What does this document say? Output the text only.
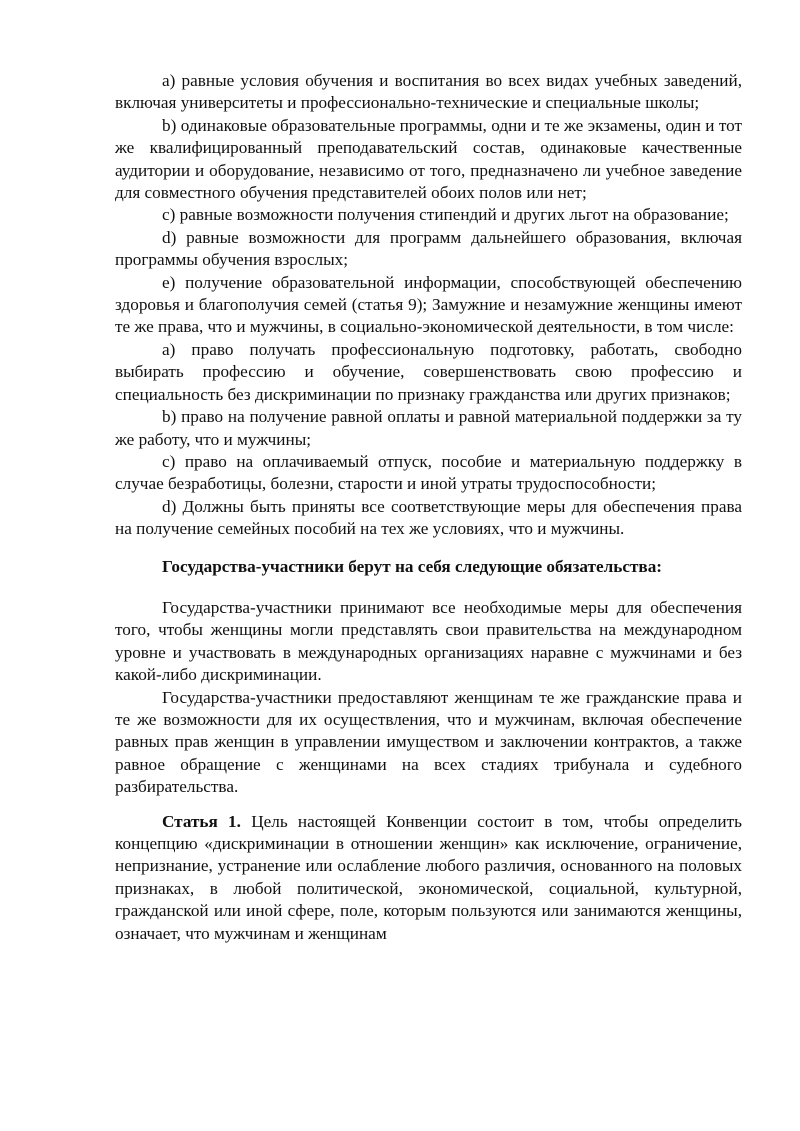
a) равные условия обучения и воспитания во всех видах учебных заведений, включая университеты и профессионально-технические и специальные школы;

b) одинаковые образовательные программы, одни и те же экзамены, один и тот же квалифицированный преподавательский состав, одинаковые качественные аудитории и оборудование, независимо от того, предназначено ли учебное заведение для совместного обучения представителей обоих полов или нет;

c) равные возможности получения стипендий и других льгот на образование;

d) равные возможности для программ дальнейшего образования, включая программы обучения взрослых;

e) получение образовательной информации, способствующей обеспечению здоровья и благополучия семей (статья 9); Замужние и незамужние женщины имеют те же права, что и мужчины, в социально-экономической деятельности, в том числе:

a) право получать профессиональную подготовку, работать, свободно выбирать профессию и обучение, совершенствовать свою профессию и специальность без дискриминации по признаку гражданства или других признаков;

b) право на получение равной оплаты и равной материальной поддержки за ту же работу, что и мужчины;

c) право на оплачиваемый отпуск, пособие и материальную поддержку в случае безработицы, болезни, старости и иной утраты трудоспособности;

d) Должны быть приняты все соответствующие меры для обеспечения права на получение семейных пособий на тех же условиях, что и мужчины.

Государства-участники берут на себя следующие обязательства:

Государства-участники принимают все необходимые меры для обеспечения того, чтобы женщины могли представлять свои правительства на международном уровне и участвовать в международных организациях наравне с мужчинами и без какой-либо дискриминации.

Государства-участники предоставляют женщинам те же гражданские права и те же возможности для их осуществления, что и мужчинам, включая обеспечение равных прав женщин в управлении имуществом и заключении контрактов, а также равное обращение с женщинами на всех стадиях трибунала и судебного разбирательства.

Статья 1. Цель настоящей Конвенции состоит в том, чтобы определить концепцию «дискриминации в отношении женщин» как исключение, ограничение, непризнание, устранение или ослабление любого различия, основанного на половых признаках, в любой политической, экономической, социальной, культурной, гражданской или иной сфере, поле, которым пользуются или занимаются женщины, означает, что мужчинам и женщинам
